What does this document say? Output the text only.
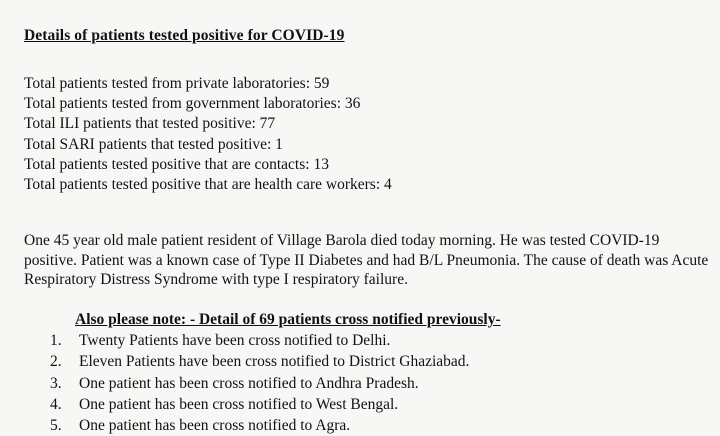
Details of patients tested positive for COVID-19
Total patients tested from private laboratories: 59
Total patients tested from government laboratories: 36
Total ILI patients that tested positive: 77
Total SARI patients that tested positive: 1
Total patients tested positive that are contacts: 13
Total patients tested positive that are health care workers: 4

One 45 year old male patient resident of Village Barola died today morning. He was tested COVID-19 positive. Patient was a known case of Type II Diabetes and had B/L Pneumonia. The cause of death was Acute Respiratory Distress Syndrome with type I respiratory failure.

Also please note: - Detail of 69 patients cross notified previously-
1.	Twenty Patients have been cross notified to Delhi.
2.	Eleven Patients have been cross notified to District Ghaziabad.
3.	One patient has been cross notified to Andhra Pradesh.
4.	One patient has been cross notified to West Bengal.
5.	One patient has been cross notified to Agra.
